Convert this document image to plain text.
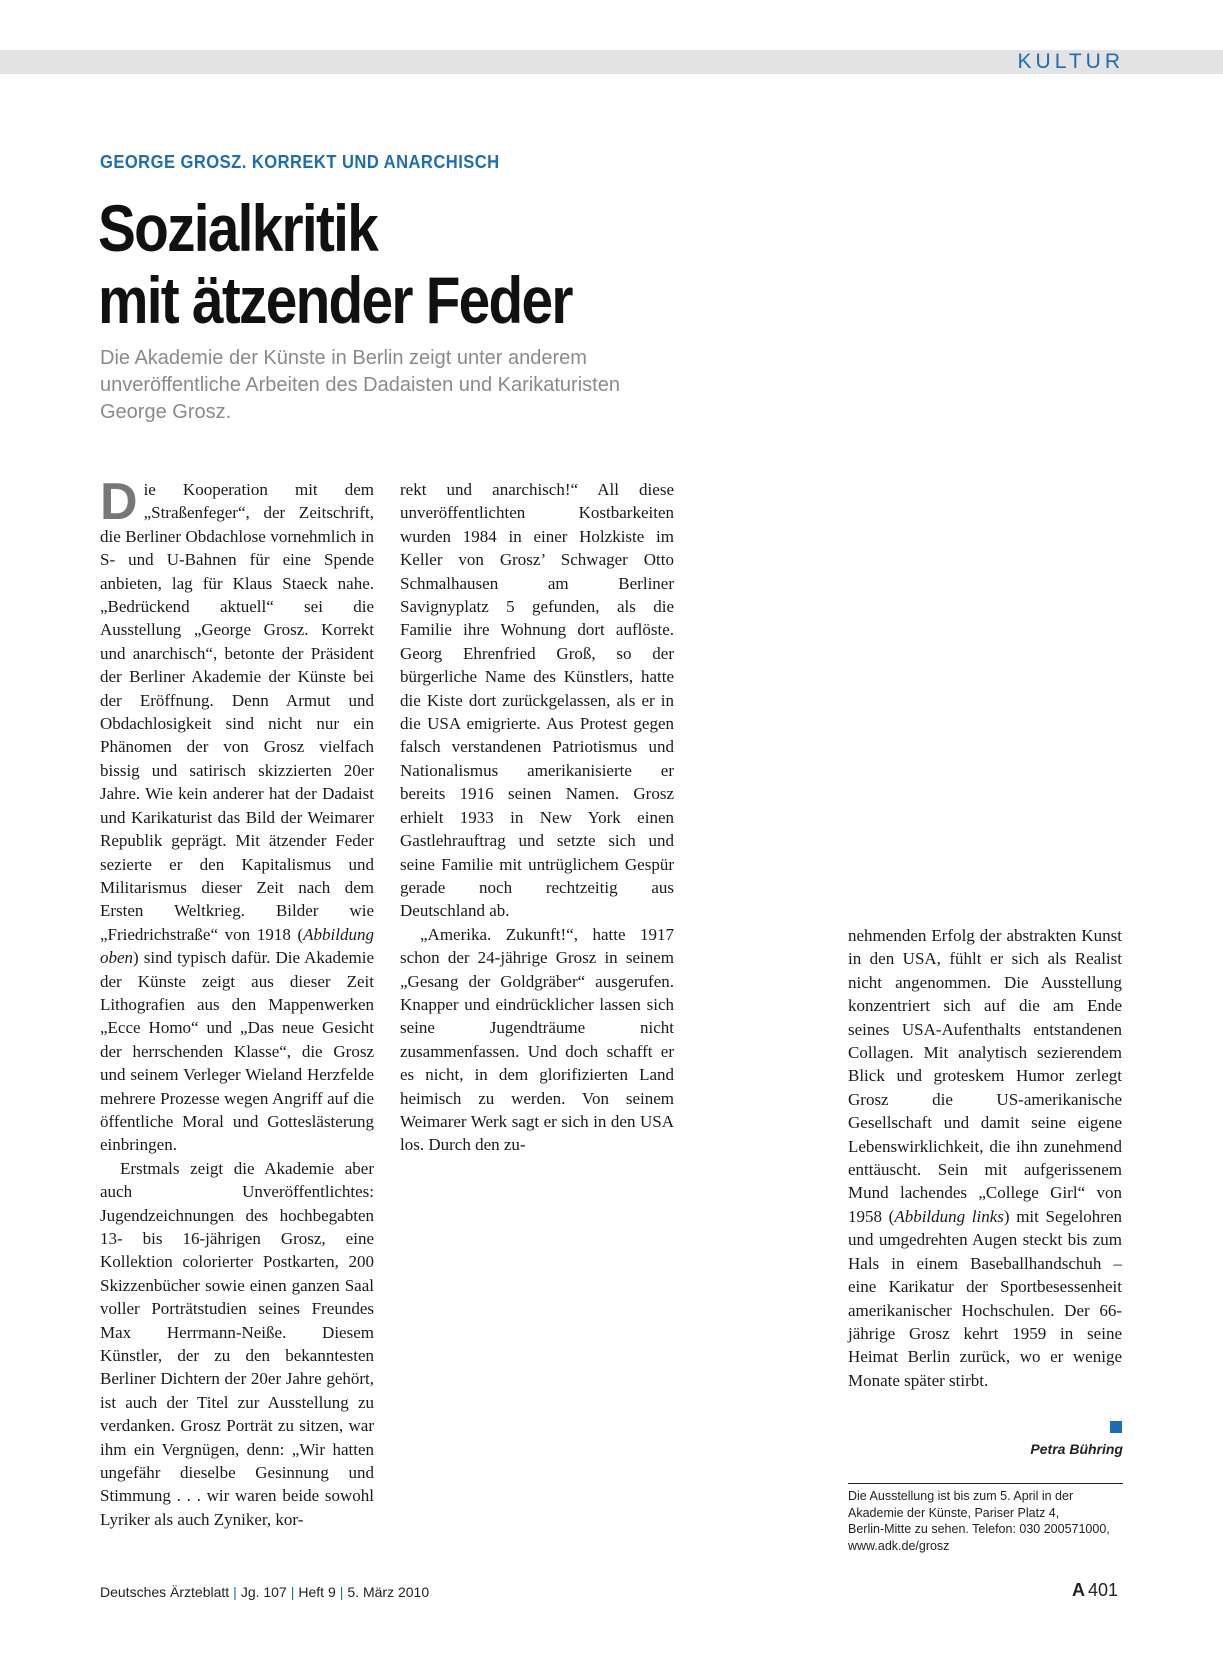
KULTUR
GEORGE GROSZ. KORREKT UND ANARCHISCH
Sozialkritik
mit ätzender Feder
Die Akademie der Künste in Berlin zeigt unter anderem unveröffentliche Arbeiten des Dadaisten und Karikaturisten George Grosz.

Die Kooperation mit dem „Straßenfeger“, der Zeitschrift, die Berliner Obdachlose vornehmlich in S- und U-Bahnen für eine Spende anbieten, lag für Klaus Staeck nahe. „Bedrückend aktuell“ sei die Ausstellung „George Grosz. Korrekt und anarchisch“, betonte der Präsident der Berliner Akademie der Künste bei der Eröffnung. Denn Armut und Obdachlosigkeit sind nicht nur ein Phänomen der von Grosz vielfach bissig und satirisch skizzierten 20er Jahre. Wie kein anderer hat der Dadaist und Karikaturist das Bild der Weimarer Republik geprägt. Mit ätzender Feder sezierte er den Kapitalismus und Militarismus dieser Zeit nach dem Ersten Weltkrieg. Bilder wie „Friedrichstraße“ von 1918 (Abbildung oben) sind typisch dafür. Die Akademie der Künste zeigt aus dieser Zeit Lithografien aus den Mappenwerken „Ecce Homo“ und „Das neue Gesicht der herrschenden Klasse“, die Grosz und seinem Verleger Wieland Herzfelde mehrere Prozesse wegen Angriff auf die öffentliche Moral und Gotteslästerung einbringen.

Erstmals zeigt die Akademie aber auch Unveröffentlichtes: Jugendzeichnungen des hochbegabten 13- bis 16-jährigen Grosz, eine Kollektion colorierter Postkarten, 200 Skizzenbücher sowie einen ganzen Saal voller Porträtstudien seines Freundes Max Herrmann-Neiße. Diesem Künstler, der zu den bekanntesten Berliner Dichtern der 20er Jahre gehört, ist auch der Titel zur Ausstellung zu verdanken. Grosz Porträt zu sitzen, war ihm ein Vergnügen, denn: „Wir hatten ungefähr dieselbe Gesinnung und Stimmung . . . wir waren beide sowohl Lyriker als auch Zyniker, kor-

rekt und anarchisch!“ All diese unveröffentlichten Kostbarkeiten wurden 1984 in einer Holzkiste im Keller von Grosz’ Schwager Otto Schmalhausen am Berliner Savignyplatz 5 gefunden, als die Familie ihre Wohnung dort auflöste. Georg Ehrenfried Groß, so der bürgerliche Name des Künstlers, hatte die Kiste dort zurückgelassen, als er in die USA emigrierte. Aus Protest gegen falsch verstandenen Patriotismus und Nationalismus amerikanisierte er bereits 1916 seinen Namen. Grosz erhielt 1933 in New York einen Gastlehrauftrag und setzte sich und seine Familie mit untrüglichem Gespür gerade noch rechtzeitig aus Deutschland ab.

„Amerika. Zukunft!“, hatte 1917 schon der 24-jährige Grosz in seinem „Gesang der Goldgräber“ ausgerufen. Knapper und eindrücklicher lassen sich seine Jugendträume nicht zusammenfassen. Und doch schafft er es nicht, in dem glorifizierten Land heimisch zu werden. Von seinem Weimarer Werk sagt er sich in den USA los. Durch den zu-

nehmenden Erfolg der abstrakten Kunst in den USA, fühlt er sich als Realist nicht angenommen. Die Ausstellung konzentriert sich auf die am Ende seines USA-Aufenthalts entstandenen Collagen. Mit analytisch sezierendem Blick und groteskem Humor zerlegt Grosz die US-amerikanische Gesellschaft und damit seine eigene Lebenswirklichkeit, die ihn zunehmend enttäuscht. Sein mit aufgerissenem Mund lachendes „College Girl“ von 1958 (Abbildung links) mit Segelohren und umgedrehten Augen steckt bis zum Hals in einem Baseballhandschuh – eine Karikatur der Sportbesessenheit amerikanischer Hochschulen. Der 66-jährige Grosz kehrt 1959 in seine Heimat Berlin zurück, wo er wenige Monate später stirbt.

Petra Bühring
Die Ausstellung ist bis zum 5. April in der
Akademie der Künste, Pariser Platz 4,
Berlin-Mitte zu sehen. Telefon: 030 200571000,
www.adk.de/grosz
Deutsches Ärzteblatt | Jg. 107 | Heft 9 | 5. März 2010	A 401
